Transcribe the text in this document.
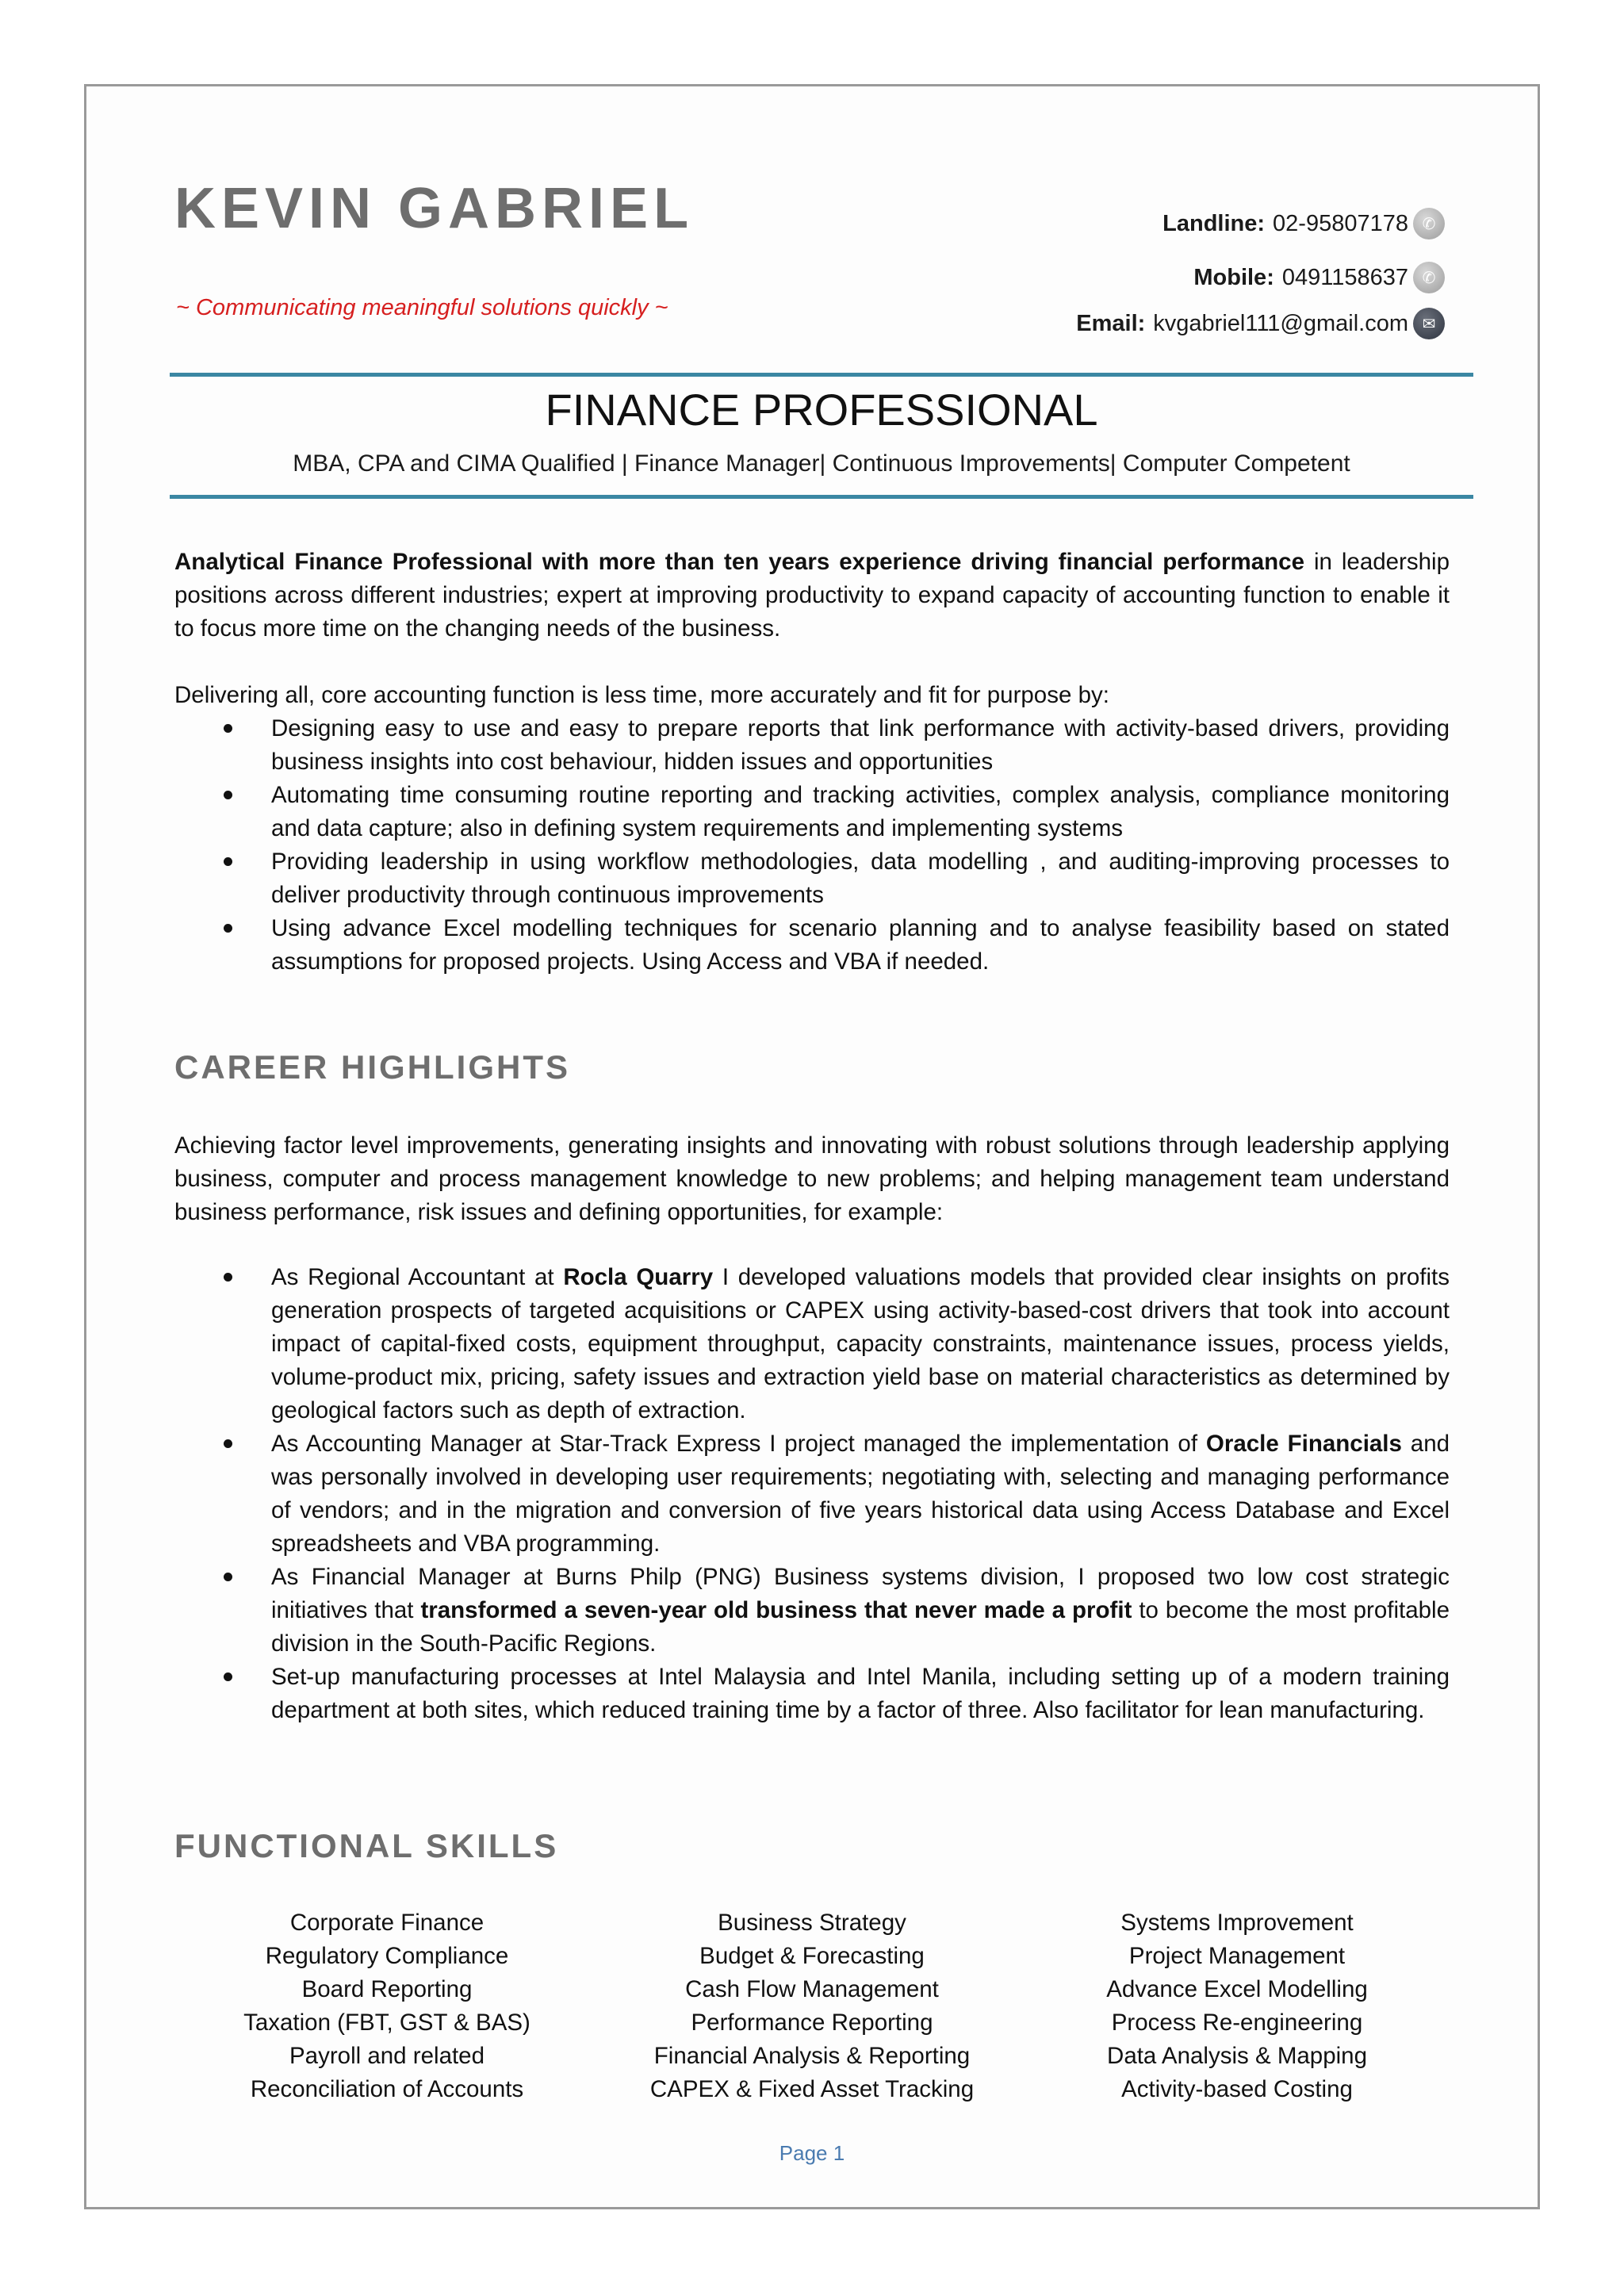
KEVIN GABRIEL

~ Communicating meaningful solutions quickly ~

Landline: 02-95807178 ✆
Mobile: 0491158637 ✆
Email: kvgabriel111@gmail.com ✉
FINANCE PROFESSIONAL

MBA, CPA and CIMA Qualified | Finance Manager| Continuous Improvements| Computer Competent

Analytical Finance Professional with more than ten years experience driving financial performance in leadership positions across different industries; expert at improving productivity to expand capacity of accounting function to enable it to focus more time on the changing needs of the business.

Delivering all, core accounting function is less time, more accurately and fit for purpose by:

Designing easy to use and easy to prepare reports that link performance with activity-based drivers, providing business insights into cost behaviour, hidden issues and opportunities
Automating time consuming routine reporting and tracking activities, complex analysis, compliance monitoring and data capture; also in defining system requirements and implementing systems
Providing leadership in using workflow methodologies, data modelling , and auditing-improving processes to deliver productivity through continuous improvements
Using advance Excel modelling techniques for scenario planning and to analyse feasibility based on stated assumptions for proposed projects. Using Access and VBA if needed.
CAREER HIGHLIGHTS

Achieving factor level improvements, generating insights and innovating with robust solutions through leadership applying business, computer and process management knowledge to new problems; and helping management team understand business performance, risk issues and defining opportunities, for example:

As Regional Accountant at Rocla Quarry I developed valuations models that provided clear insights on profits generation prospects of targeted acquisitions or CAPEX using activity-based-cost drivers that took into account impact of capital-fixed costs, equipment throughput, capacity constraints, maintenance issues, process yields, volume-product mix, pricing, safety issues and extraction yield base on material characteristics as determined by geological factors such as depth of extraction.
As Accounting Manager at Star-Track Express I project managed the implementation of Oracle Financials and was personally involved in developing user requirements; negotiating with, selecting and managing performance of vendors; and in the migration and conversion of five years historical data using Access Database and Excel spreadsheets and VBA programming.
As Financial Manager at Burns Philp (PNG) Business systems division, I proposed two low cost strategic initiatives that transformed a seven-year old business that never made a profit to become the most profitable division in the South-Pacific Regions.
Set-up manufacturing processes at Intel Malaysia and Intel Manila, including setting up of a modern training department at both sites, which reduced training time by a factor of three. Also facilitator for lean manufacturing.
FUNCTIONAL SKILLS
Corporate Finance
Regulatory Compliance
Board Reporting
Taxation (FBT, GST & BAS)
Payroll and related
Reconciliation of Accounts
Business Strategy
Budget & Forecasting
Cash Flow Management
Performance Reporting
Financial Analysis & Reporting
CAPEX & Fixed Asset Tracking
Systems Improvement
Project Management
Advance Excel Modelling
Process Re-engineering
Data Analysis & Mapping
Activity-based Costing

Page 1
